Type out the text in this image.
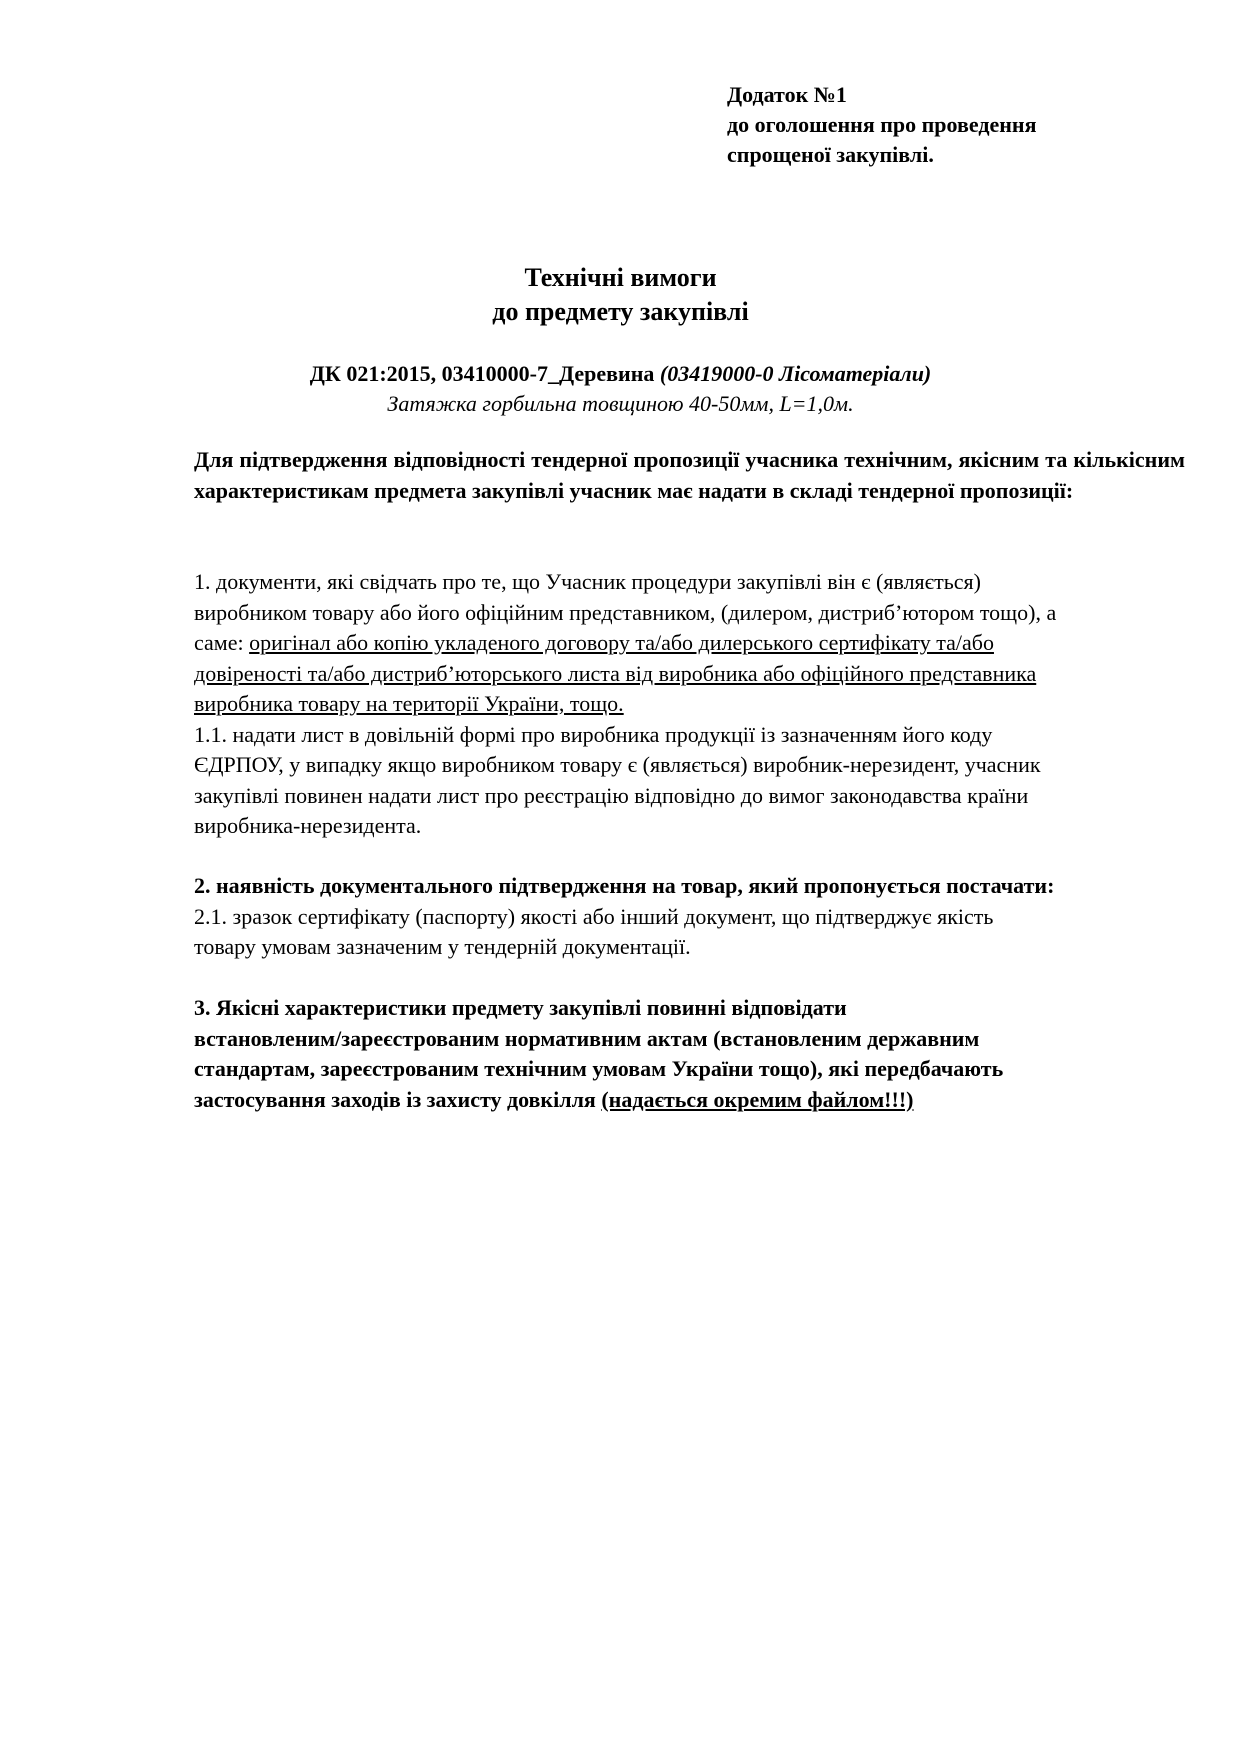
Додаток №1
до оголошення про проведення
спрощеної закупівлі.
Технічні вимоги
до предмету закупівлі
ДК 021:2015, 03410000-7_Деревина (03419000-0 Лісоматеріали)
Затяжка горбильна товщиною 40-50мм, L=1,0м.
Для підтвердження відповідності тендерної пропозиції учасника технічним, якісним та кількісним характеристикам предмета закупівлі учасник має надати в складі тендерної пропозиції:
1. документи, які свідчать про те, що Учасник процедури закупівлі він є (являється)
виробником товару або його офіційним представником, (дилером, дистриб’ютором тощо), а
саме: оригінал або копію укладеного договору та/або дилерського сертифікату та/або
довіреності та/або дистриб’юторського листа від виробника або офіційного представника
виробника товару на території України, тощо.
1.1. надати лист в довільній формі про виробника продукції із зазначенням його коду
ЄДРПОУ, у випадку якщо виробником товару є (являється) виробник-нерезидент, учасник
закупівлі повинен надати лист про реєстрацію відповідно до вимог законодавства країни
виробника-нерезидента.
2. наявність документального підтвердження на товар, який пропонується постачати:
2.1. зразок сертифікату (паспорту) якості або інший документ, що підтверджує якість
товару умовам зазначеним у тендерній документації.
3. Якісні характеристики предмету закупівлі повинні відповідати
встановленим/зареєстрованим нормативним актам (встановленим державним
стандартам, зареєстрованим технічним умовам України тощо), які передбачають
застосування заходів із захисту довкілля (надається окремим файлом!!!)
